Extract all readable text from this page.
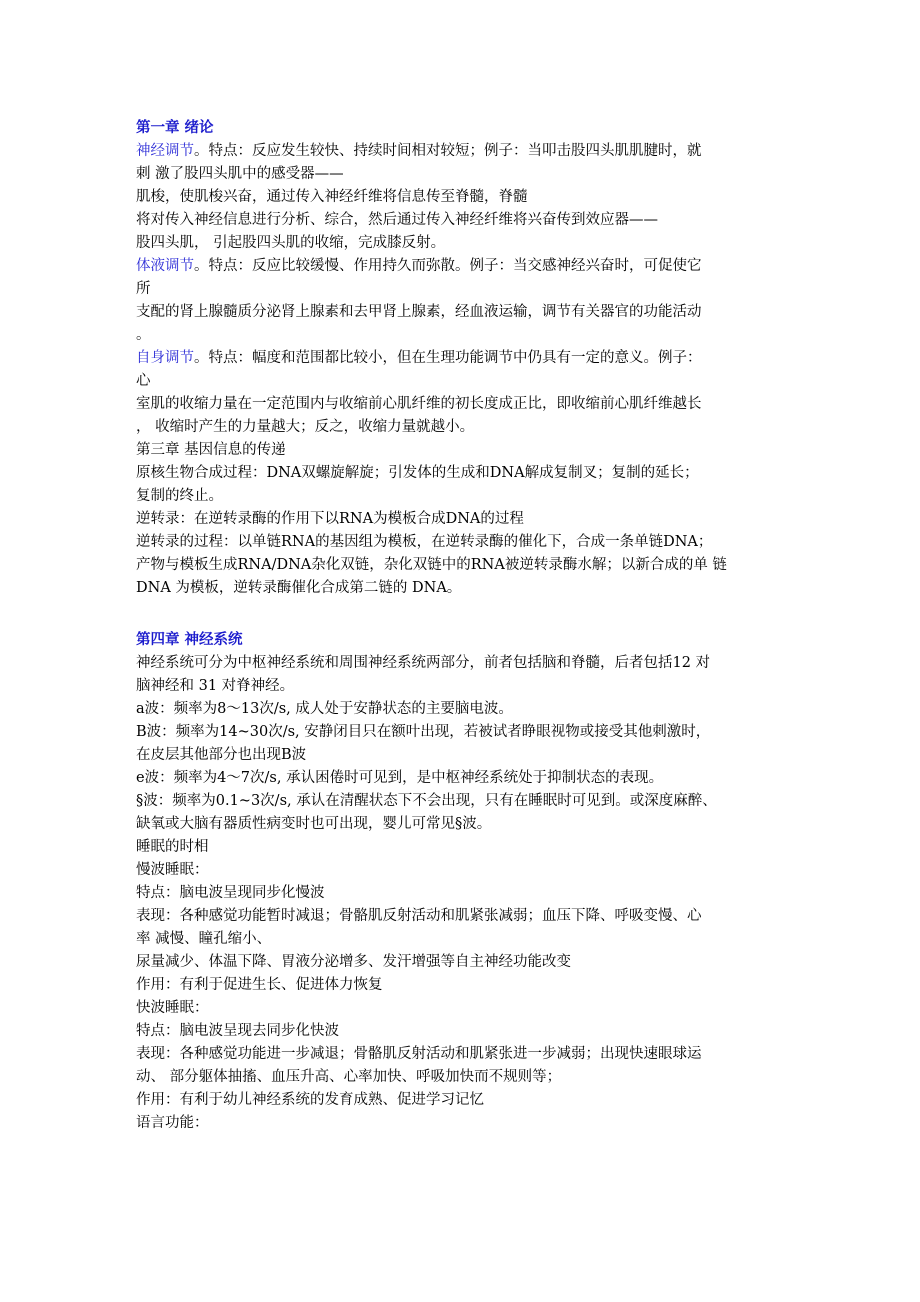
第一章 绪论
神经调节。特点：反应发生较快、持续时间相对较短；例子：当叩击股四头肌肌腱时，就
刺 激了股四头肌中的感受器——
肌梭，使肌梭兴奋，通过传入神经纤维将信息传至脊髓，脊髓
将对传入神经信息进行分析、综合，然后通过传入神经纤维将兴奋传到效应器——
股四头肌， 引起股四头肌的收缩，完成膝反射。
体液调节。特点：反应比较缓慢、作用持久而弥散。例子：当交感神经兴奋时，可促使它
所
支配的肾上腺髓质分泌肾上腺素和去甲肾上腺素，经血液运输，调节有关器官的功能活动
。
自身调节。特点：幅度和范围都比较小，但在生理功能调节中仍具有一定的意义。例子：
心
室肌的收缩力量在一定范围内与收缩前心肌纤维的初长度成正比，即收缩前心肌纤维越长
， 收缩时产生的力量越大；反之，收缩力量就越小。
第三章 基因信息的传递
原核生物合成过程：DNA双螺旋解旋；引发体的生成和DNA解成复制叉；复制的延长；
复制的终止。
逆转录：在逆转录酶的作用下以RNA为模板合成DNA的过程
逆转录的过程：以单链RNA的基因组为模板，在逆转录酶的催化下，合成一条单链DNA；
产物与模板生成RNA/DNA杂化双链，杂化双链中的RNA被逆转录酶水解；以新合成的单 链
DNA 为模板，逆转录酶催化合成第二链的 DNA。
第四章 神经系统
神经系统可分为中枢神经系统和周围神经系统两部分，前者包括脑和脊髓，后者包括12 对
脑神经和 31 对脊神经。
a波：频率为8～13次/s, 成人处于安静状态的主要脑电波。
B波：频率为14~30次/s, 安静闭目只在额叶出现，若被试者睁眼视物或接受其他刺激时，
在皮层其他部分也出现B波
e波：频率为4～7次/s, 承认困倦时可见到，是中枢神经系统处于抑制状态的表现。
§波：频率为0.1~3次/s, 承认在清醒状态下不会出现，只有在睡眠时可见到。或深度麻醉、
缺氧或大脑有器质性病变时也可出现，婴儿可常见§波。
睡眠的时相
慢波睡眠：
特点：脑电波呈现同步化慢波
表现：各种感觉功能暂时减退；骨骼肌反射活动和肌紧张减弱；血压下降、呼吸变慢、心
率 减慢、瞳孔缩小、
尿量减少、体温下降、胃液分泌增多、发汗增强等自主神经功能改变
作用：有利于促进生长、促进体力恢复
快波睡眠：
特点：脑电波呈现去同步化快波
表现：各种感觉功能进一步减退；骨骼肌反射活动和肌紧张进一步减弱；出现快速眼球运
动、 部分躯体抽搐、血压升高、心率加快、呼吸加快而不规则等；
作用：有利于幼儿神经系统的发育成熟、促进学习记忆
语言功能：
